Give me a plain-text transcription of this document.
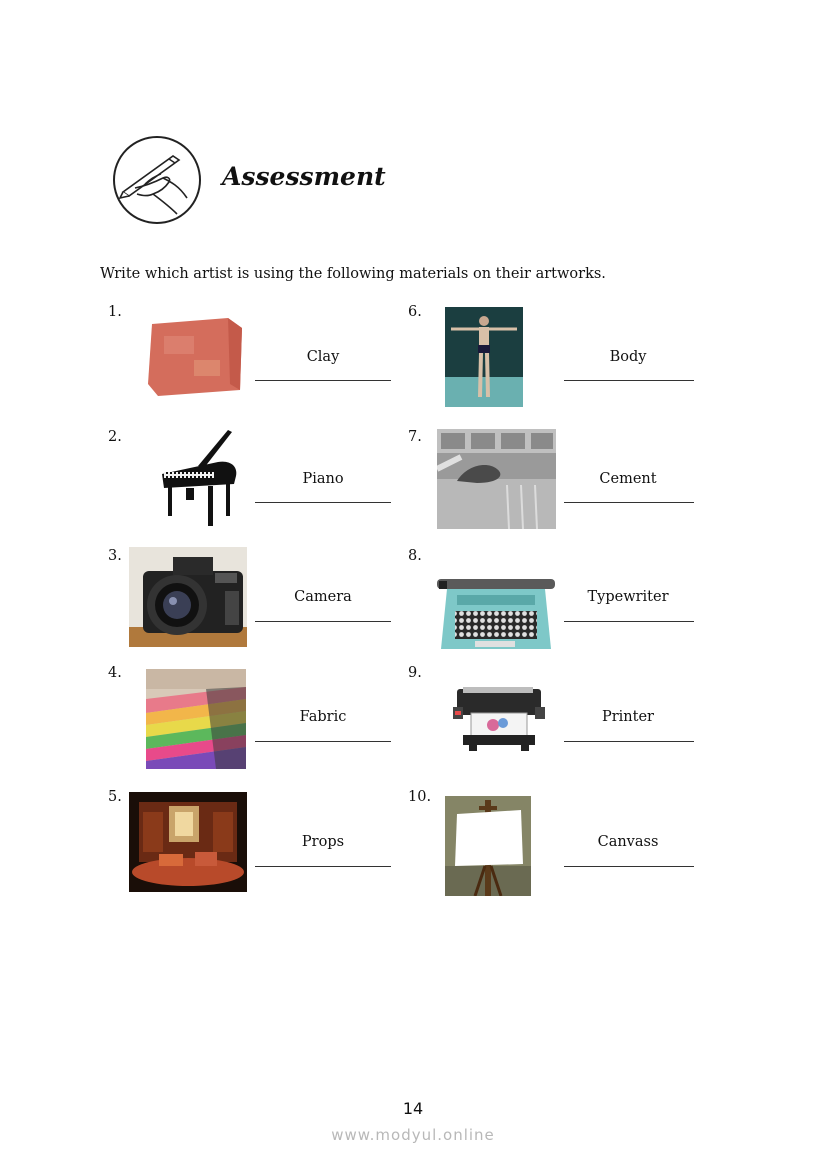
Assessment
Write which artist is using the following materials on their artworks.
1.
Clay
2.
Piano
3.
Camera
4.
Fabric
5.
Props
6.
Body
7.
Cement
8.
Typewriter
9.
Printer
10.
Canvass
14
www.modyul.online
